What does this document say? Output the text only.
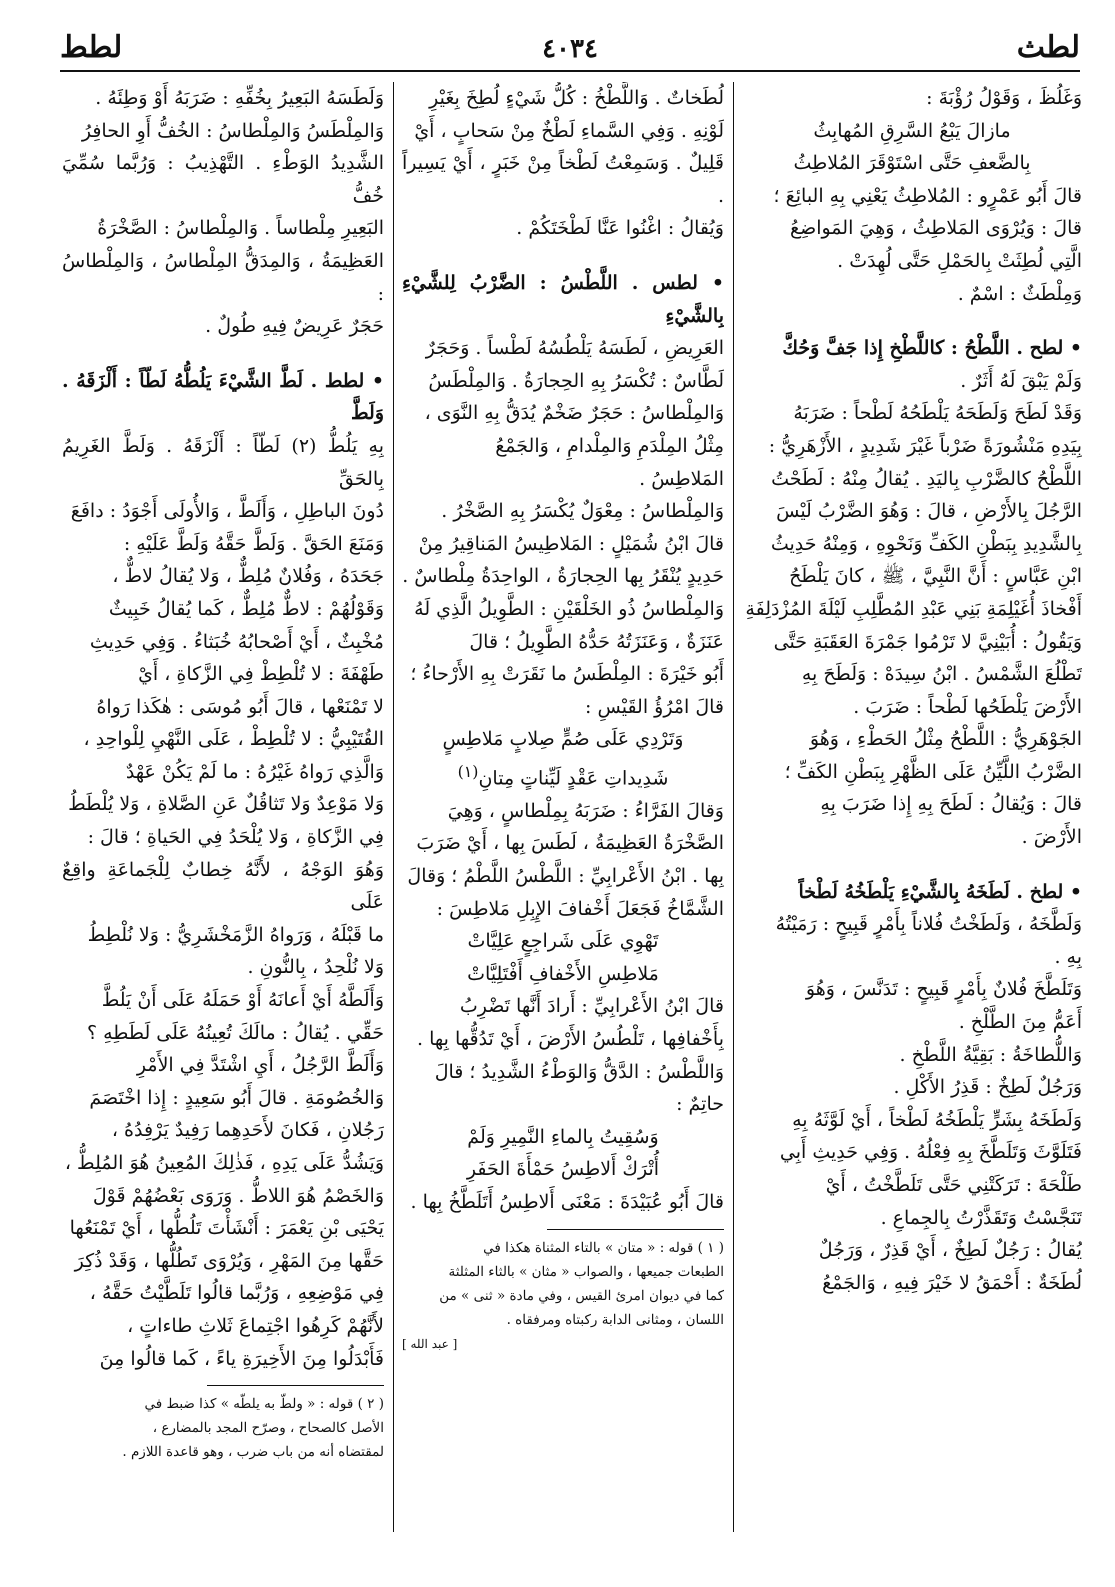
لطث
٤٠٣٤
لطط

وَغَلُظَ ، وَقَوْلُ رُؤْبَةَ :

مازالَ يَبْعُ السَّرِقِ المُهابِثُ

بِالضَّعفِ حَتَّى اسْتَوْقَرَ المُلاطِثُ

قالَ أَبُو عَمْرٍو : المُلاطِثُ يَعْنِي بِهِ البائِعَ ؛

قالَ : وَيُرْوَى المَلاطِثُ ، وَهِيَ المَواضِعُ

الَّتِي لُطِثَتْ بِالحَمْلِ حَتَّى لُهِدَتْ .

وَمِلْطَثٌ : اسْمٌ .

• لطح . اللَّطْحُ : كاللَّطْخِ إِذا جَفَّ وَحُكَّ

وَلَمْ يَبْقَ لَهُ أَثَرٌ .

وَقَدْ لَطَحَ وَلَطَحَهُ يَلْطَحُهُ لَطْحاً : ضَرَبَهُ

بِيَدِهِ مَنْشُورَةً ضَرْباً غَيْرَ شَدِيدٍ ، الأَزْهَرِيُّ :

اللَّطْحُ كالضَّرْبِ بِاليَدِ . يُقالُ مِنْهُ : لَطَحْتُ

الرَّجُلَ بِالأَرْضِ ، قالَ : وَهُوَ الضَّرْبُ لَيْسَ

بِالشَّدِيدِ بِبَطْنِ الكَفِّ وَنَحْوِهِ ، وَمِنْهُ حَدِيثُ

ابْنِ عَبَّاسٍ : أَنَّ النَّبِيَّ ، ﷺ ، كانَ يَلْطَحُ

أَفْخاذَ أُغَيْلِمَةِ بَنِي عَبْدِ المُطَّلِبِ لَيْلَةَ المُزْدَلِفَةِ

وَيَقُولُ : أُبَيْنِيَّ لا تَرْمُوا جَمْرَةَ العَقَبَةِ حَتَّى

تَطْلُعَ الشَّمْسُ . ابْنُ سِيدَهْ : وَلَطَحَ بِهِ

الأَرْضَ يَلْطَحُها لَطْحاً : ضَرَبَ .

الجَوْهَرِيُّ : اللَّطْحُ مِثْلُ الحَطْءِ ، وَهُوَ

الضَّرْبُ اللَّيِّنُ عَلَى الظَّهْرِ بِبَطْنِ الكَفِّ ؛

قالَ : وَيُقالُ : لَطَحَ بِهِ إِذا ضَرَبَ بِهِ

الأَرْضَ .

• لطخ . لَطَخَهُ بِالشَّيْءِ يَلْطَخُهُ لَطْخاً

وَلَطَّخَهُ ، وَلَطَخْتُ فُلاناً بِأَمْرٍ قَبِيحٍ : رَمَيْتُهُ

بِهِ .

وَتَلَطَّخَ فُلانٌ بِأَمْرٍ قَبِيحٍ : تَدَنَّسَ ، وَهُوَ

أَعَمُّ مِنَ الطَّلْخِ .

وَاللُّطاخَةُ : بَقِيَّةُ اللَّطْخِ .

وَرَجُلٌ لَطِخٌ : قَذِرُ الأَكْلِ .

وَلَطَخَهُ بِشَرٍّ يَلْطَخُهُ لَطْخاً ، أَيْ لَوَّثَهُ بِهِ

فَتَلَوَّثَ وَتَلَطَّخَ بِهِ فِعْلُهُ . وَفِي حَدِيثِ أَبِي

طَلْحَةَ : تَرَكَتْنِي حَتَّى تَلَطَّخْتُ ، أَيْ

تَنَجَّسْتُ وَتَقَذَّرْتُ بِالجِماعِ .

يُقالُ : رَجُلٌ لَطِخٌ ، أَيْ قَذِرٌ ، وَرَجُلٌ

لُطَخَةٌ : أَحْمَقُ لا خَيْرَ فِيهِ ، وَالجَمْعُ

لُطَخاتٌ . وَاللَّطْخُ : كُلُّ شَيْءٍ لُطِخَ بِغَيْرِ

لَوْنِهِ . وَفِي السَّماءِ لَطْخٌ مِنْ سَحابٍ ، أَيْ

قَلِيلٌ . وَسَمِعْتُ لَطْخاً مِنْ خَبَرٍ ، أَيْ يَسِيراً .

وَيُقالُ : اغْنُوا عَنَّا لَطْخَتَكُمْ .

• لطس . اللَّطْسُ : الضَّرْبُ لِلشَّيْءِ بِالشَّيْءِ

العَرِيضِ ، لَطَسَهُ يَلْطُسُهُ لَطْساً . وَحَجَرٌ

لَطَّاسٌ : تُكْسَرُ بِهِ الحِجارَةُ . وَالمِلْطَسُ

وَالمِلْطاسُ : حَجَرٌ ضَخْمٌ يُدَقُّ بِهِ النَّوَى ،

مِثْلُ المِلْدَمِ وَالمِلْدامِ ، وَالجَمْعُ

المَلاطِسُ .

وَالمِلْطاسُ : مِعْوَلٌ يُكْسَرُ بِهِ الصَّخْرُ .

قالَ ابْنُ شُمَيْلٍ : المَلاطِيسُ المَناقِيرُ مِنْ

حَدِيدٍ يُنْقَرُ بِها الحِجارَةُ ، الواحِدَةُ مِلْطاسٌ .

وَالمِلْطاسُ ذُو الخَلْقَيْنِ : الطَّوِيلُ الَّذِي لَهُ

عَنَزَةٌ ، وَعَنَزَتُهُ حَدُّهُ الطَّوِيلُ ؛ قالَ

أَبُو خَيْرَةَ : المِلْطَسُ ما نَقَرَتْ بِهِ الأَرْحاءُ ؛

قالَ امْرُؤُ القَيْسِ :

وَتَرْدِي عَلَى صُمٍّ صِلابٍ مَلاطِسٍ

شَدِيداتِ عَقْدٍ لَيِّناتٍ مِتانِ$^{(١)}$

وَقالَ الفَرَّاءُ : ضَرَبَهُ بِمِلْطاسٍ ، وَهِيَ

الصَّخْرَةُ العَظِيمَةُ ، لَطَسَ بِها ، أَيْ ضَرَبَ

بِها . ابْنُ الأَعْرابِيِّ : اللَّطْسُ اللَّطْمُ ؛ وَقالَ

الشَّمَّاخُ فَجَعَلَ أَخْفافَ الإِبِلِ مَلاطِسَ :

تَهْوِي عَلَى شَراجِعٍ عَلِيَّاتْ

مَلاطِسِ الأَخْفافِ أَفْتَلِيَّاتْ

قالَ ابْنُ الأَعْرابِيِّ : أَرادَ أَنَّها تَضْرِبُ

بِأَخْفافِها ، تَلْطُسُ الأَرْضَ ، أَيْ تَدُقُّها بِها .

وَاللَّطْسُ : الدَّقُّ وَالوَطْءُ الشَّدِيدُ ؛ قالَ

حاتِمٌ :

وَسُقِيتُ بِالماءِ النَّمِيرِ وَلَمْ

أُتْرَكْ أَلاطِسُ حَمْأَةَ الحَفَرِ

قالَ أَبُو عُبَيْدَةَ : مَعْنَى أَلاطِسُ أَتَلَطَّخُ بِها .

( ١ ) قوله : « متان » بالتاء المثناة هكذا في

الطبعات جميعها ، والصواب « مثان » بالثاء المثلثة

كما في ديوان امرئ القيس ، وفي مادة « ثنى » من

اللسان ، ومثانى الدابة ركبتاه ومرفقاه .

[ عبد الله ]

وَلَطَسَهُ البَعِيرُ بِخُفِّهِ : ضَرَبَهُ أَوْ وَطِئَهُ .

وَالمِلْطَسُ وَالمِلْطاسُ : الخُفُّ أَوِ الحافِرُ

الشَّدِيدُ الوَطْءِ . التَّهْذِيبُ : وَرُبَّما سُمِّيَ خُفُّ

البَعِيرِ مِلْطاساً . وَالمِلْطاسُ : الصَّخْرَةُ

العَظِيمَةُ ، وَالمِدَقُّ المِلْطاسُ ، وَالمِلْطاسُ :

حَجَرٌ عَرِيضٌ فِيهِ طُولٌ .

• لطط . لَطَّ الشَّيْءَ يَلُطُّهُ لَطّاً : أَلْزَقَهُ . وَلَطَّ

بِهِ يَلُطُّ (٢) لَطّاً : أَلْزَقَهُ . وَلَطَّ الغَرِيمُ بِالحَقِّ

دُونَ الباطِلِ ، وَأَلَطَّ ، وَالأُولَى أَجْوَدُ : دافَعَ

وَمَنَعَ الحَقَّ . وَلَطَّ حَقَّهُ وَلَطَّ عَلَيْهِ :

جَحَدَهُ ، وَفُلانٌ مُلِطٌّ ، وَلا يُقالُ لاطٌّ ،

وَقَوْلُهُمْ : لاطٌّ مُلِطٌّ ، كَما يُقالُ خَبِيثٌ

مُخْبِثٌ ، أَيْ أَصْحابُهُ خُبَثاءُ . وَفِي حَدِيثِ

طَهْفَةَ : لا تُلْطِطْ فِي الزَّكاةِ ، أَيْ

لا تَمْنَعْها ، قالَ أَبُو مُوسَى : هٰكَذا رَواهُ

القُتَيْبِيُّ : لا تُلْطِطْ ، عَلَى النَّهْيِ لِلْواحِدِ ،

وَالَّذِي رَواهُ غَيْرُهُ : ما لَمْ يَكُنْ عَهْدٌ

وَلا مَوْعِدٌ وَلا تَثاقُلٌ عَنِ الصَّلاةِ ، وَلا يُلْطَطُ

فِي الزَّكاةِ ، وَلا يُلْحَدُ فِي الحَياةِ ؛ قالَ :

وَهُوَ الوَجْهُ ، لأَنَّهُ خِطابٌ لِلْجَماعَةِ واقِعٌ عَلَى

ما قَبْلَهُ ، وَرَواهُ الزَّمَخْشَرِيُّ : وَلا نُلْطِطُ

وَلا نُلْحِدُ ، بِالنُّونِ .

وَأَلَطَّهُ أَيْ أَعانَهُ أَوْ حَمَلَهُ عَلَى أَنْ يَلُطَّ

حَقِّي . يُقالُ : مالَكَ تُعِينُهُ عَلَى لَطَطِهِ ؟

وَأَلَطَّ الرَّجُلُ ، أَيِ اشْتَدَّ فِي الأَمْرِ

وَالخُصُومَةِ . قالَ أَبُو سَعِيدٍ : إِذا اخْتَصَمَ

رَجُلانِ ، فَكانَ لأَحَدِهِما رَفِيدٌ يَرْفِدُهُ ،

وَيَشُدُّ عَلَى يَدِهِ ، فَذٰلِكَ المُعِينُ هُوَ المُلِطُّ ،

وَالخَصْمُ هُوَ اللاطُّ . وَرَوَى بَعْضُهُمْ قَوْلَ

يَحْيَى بْنِ يَعْمَرَ : أَنْشَأْتَ تَلُطُّها ، أَيْ تَمْنَعُها

حَقَّها مِنَ المَهْرِ ، وَيُرْوَى تَطُلُّها ، وَقَدْ ذُكِرَ

فِي مَوْضِعِهِ ، وَرُبَّما قالُوا تَلَطَّيْتُ حَقَّهُ ،

لأَنَّهُمْ كَرِهُوا اجْتِماعَ ثَلاثِ طاءاتٍ ،

فَأَبْدَلُوا مِنَ الأَخِيرَةِ ياءً ، كَما قالُوا مِنَ

( ٢ ) قوله : « ولطّ به يلطّه » كذا ضبط في

الأصل كالصحاح ، وصرّح المجد بالمضارع ،

لمقتضاه أنه من باب ضرب ، وهو قاعدة اللازم .
